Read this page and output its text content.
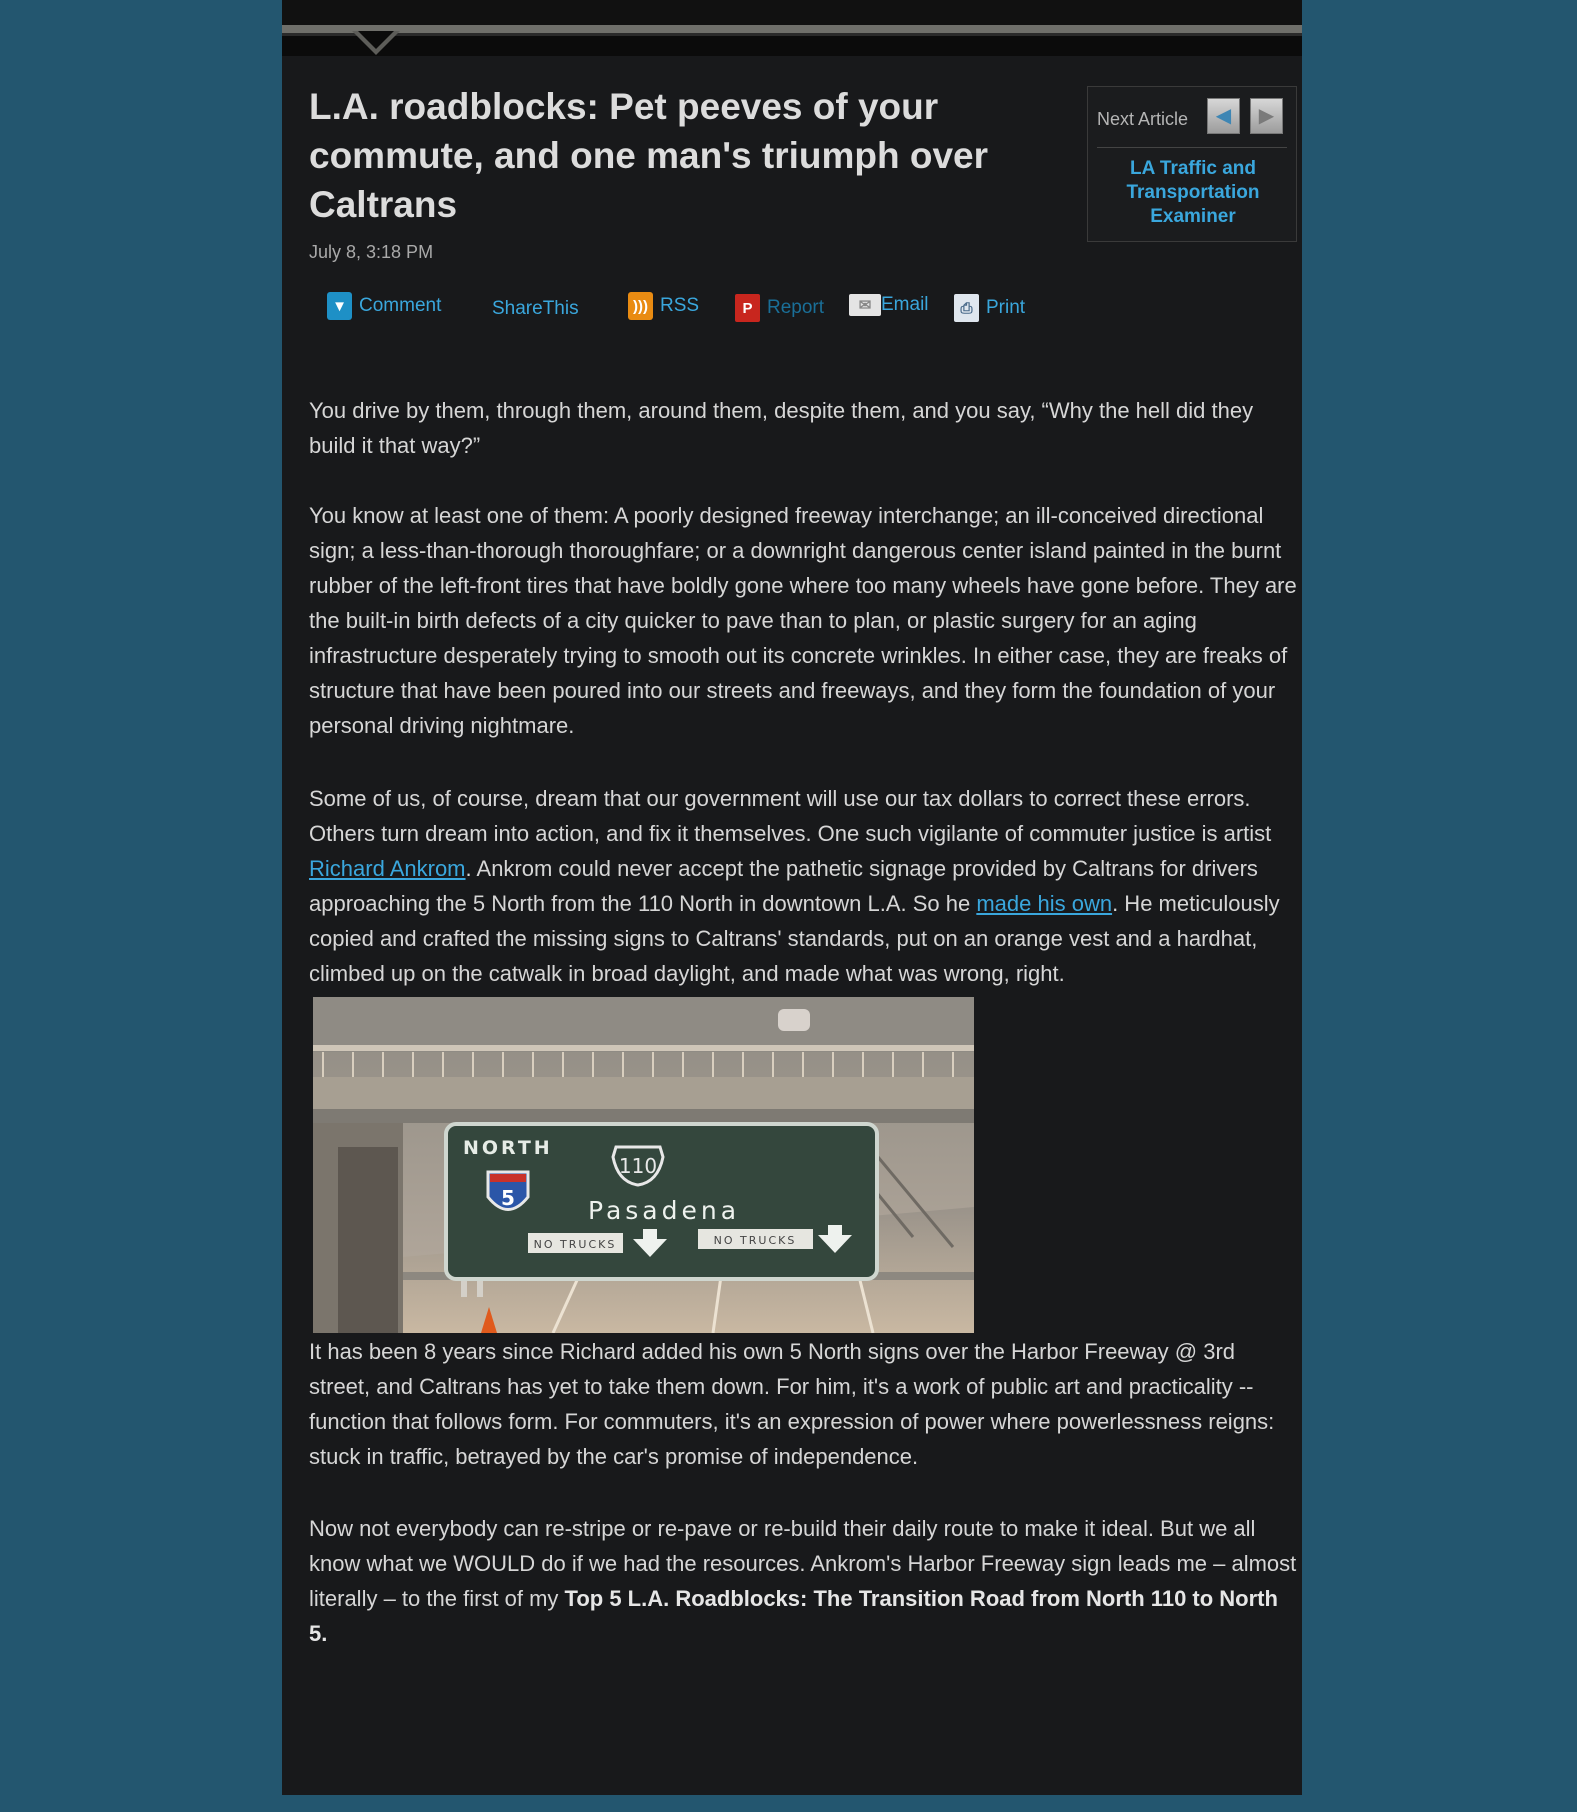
L.A. roadblocks: Pet peeves of your commute, and one man's triumph over Caltrans
July 8, 3:18 PM
Next Article	◀	▶
LA Traffic and Transportation Examiner
▼ Comment	ShareThis	))) RSS	P Report	✉ Email	⎙ Print

You drive by them, through them, around them, despite them, and you say, “Why the hell did they build it that way?”

You know at least one of them: A poorly designed freeway interchange; an ill-conceived directional sign; a less-than-thorough thoroughfare; or a downright dangerous center island painted in the burnt rubber of the left-front tires that have boldly gone where too many wheels have gone before. They are the built-in birth defects of a city quicker to pave than to plan, or plastic surgery for an aging infrastructure desperately trying to smooth out its concrete wrinkles. In either case, they are freaks of structure that have been poured into our streets and freeways, and they form the foundation of your personal driving nightmare.

Some of us, of course, dream that our government will use our tax dollars to correct these errors. Others turn dream into action, and fix it themselves. One such vigilante of commuter justice is artist Richard Ankrom. Ankrom could never accept the pathetic signage provided by Caltrans for drivers approaching the 5 North from the 110 North in downtown L.A. So he made his own. He meticulously copied and crafted the missing signs to Caltrans' standards, put on an orange vest and a hardhat, climbed up on the catwalk in broad daylight, and made what was wrong, right.

NORTH
5
110
Pasadena
NO TRUCKS	NO TRUCKS

It has been 8 years since Richard added his own 5 North signs over the Harbor Freeway @ 3rd street, and Caltrans has yet to take them down. For him, it's a work of public art and practicality -- function that follows form. For commuters, it's an expression of power where powerlessness reigns: stuck in traffic, betrayed by the car's promise of independence.

Now not everybody can re-stripe or re-pave or re-build their daily route to make it ideal. But we all know what we WOULD do if we had the resources. Ankrom's Harbor Freeway sign leads me – almost literally – to the first of my Top 5 L.A. Roadblocks: The Transition Road from North 110 to North 5.
